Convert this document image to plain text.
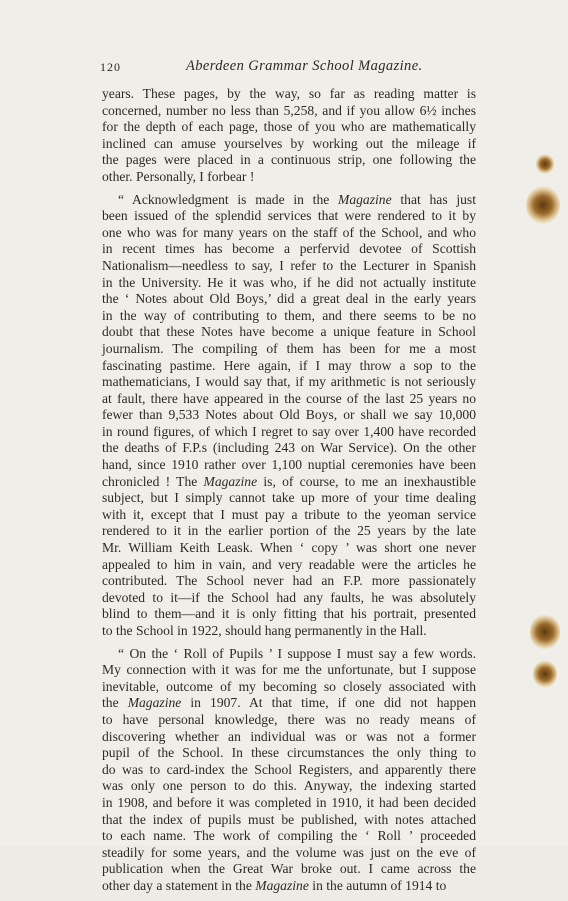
120	Aberdeen Grammar School Magazine.

years. These pages, by the way, so far as reading matter is
concerned, number no less than 5,258, and if you allow 6½ inches
for the depth of each page, those of you who are mathematically
inclined can amuse yourselves by working out the mileage if
the pages were placed in a continuous strip, one following the
other. Personally, I forbear !

“ Acknowledgment is made in the Magazine that has just
been issued of the splendid services that were rendered to it by
one who was for many years on the staff of the School, and who
in recent times has become a perfervid devotee of Scottish
Nationalism—needless to say, I refer to the Lecturer in Spanish
in the University. He it was who, if he did not actually institute
the ‘ Notes about Old Boys,’ did a great deal in the early years
in the way of contributing to them, and there seems to be no
doubt that these Notes have become a unique feature in School
journalism. The compiling of them has been for me a most
fascinating pastime. Here again, if I may throw a sop to the
mathematicians, I would say that, if my arithmetic is not seriously
at fault, there have appeared in the course of the last 25 years no
fewer than 9,533 Notes about Old Boys, or shall we say 10,000
in round figures, of which I regret to say over 1,400 have recorded
the deaths of F.P.s (including 243 on War Service). On the other
hand, since 1910 rather over 1,100 nuptial ceremonies have been
chronicled ! The Magazine is, of course, to me an inexhaustible
subject, but I simply cannot take up more of your time dealing
with it, except that I must pay a tribute to the yeoman service
rendered to it in the earlier portion of the 25 years by the late
Mr. William Keith Leask. When ‘ copy ’ was short one never
appealed to him in vain, and very readable were the articles he
contributed. The School never had an F.P. more passionately
devoted to it—if the School had any faults, he was absolutely
blind to them—and it is only fitting that his portrait, presented
to the School in 1922, should hang permanently in the Hall.

“ On the ‘ Roll of Pupils ’ I suppose I must say a few words.
My connection with it was for me the unfortunate, but I suppose
inevitable, outcome of my becoming so closely associated with
the Magazine in 1907. At that time, if one did not happen
to have personal knowledge, there was no ready means of
discovering whether an individual was or was not a former
pupil of the School. In these circumstances the only thing to
do was to card-index the School Registers, and apparently there
was only one person to do this. Anyway, the indexing started
in 1908, and before it was completed in 1910, it had been decided
that the index of pupils must be published, with notes attached
to each name. The work of compiling the ‘ Roll ’ proceeded
steadily for some years, and the volume was just on the eve of
publication when the Great War broke out. I came across the
other day a statement in the Magazine in the autumn of 1914 to
